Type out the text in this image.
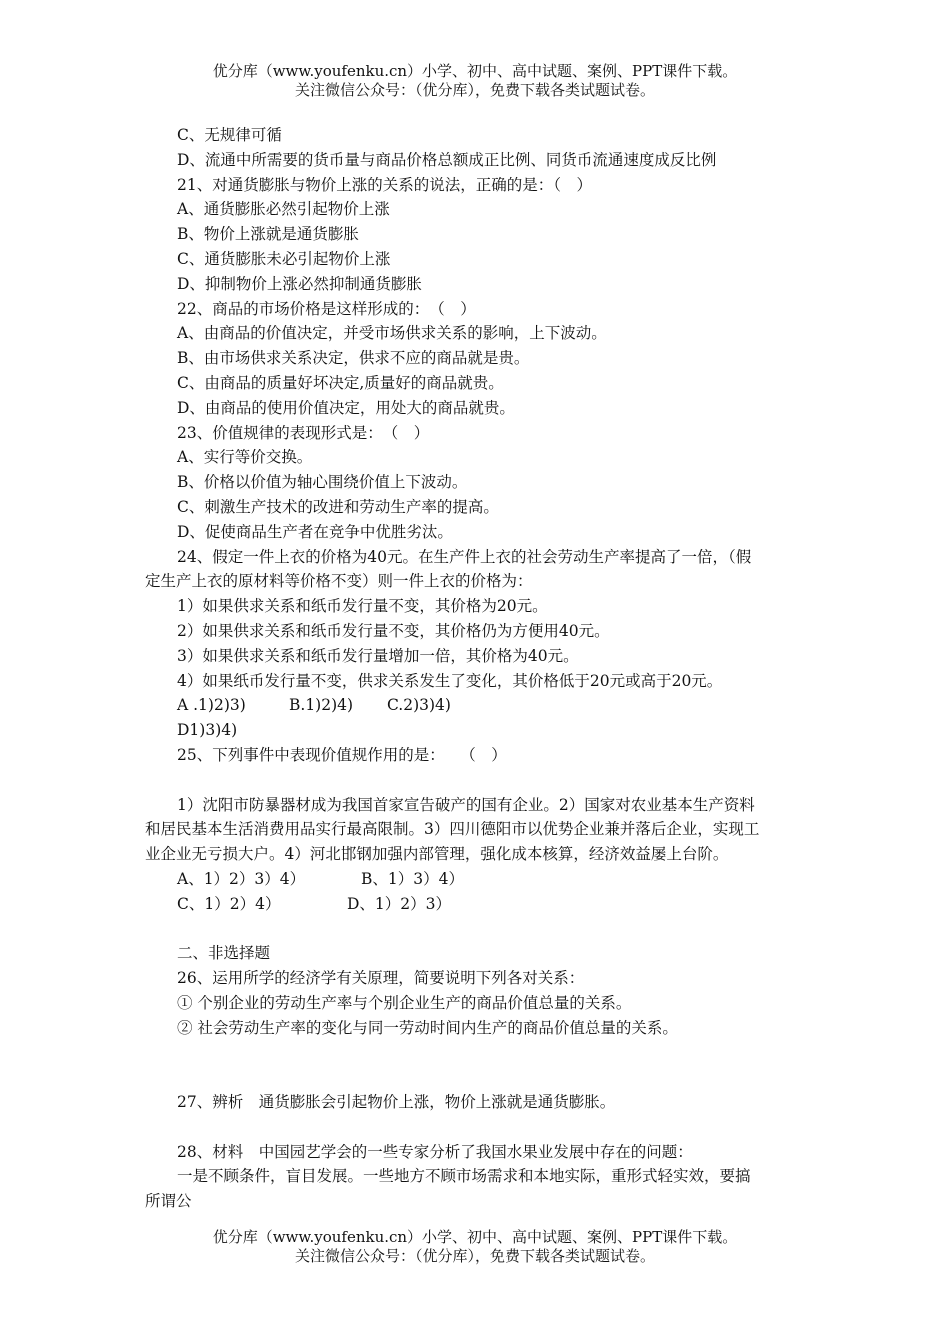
优分库（www.youfenku.cn）小学、初中、高中试题、案例、PPT课件下载。
关注微信公众号：（优分库），免费下载各类试题试卷。
C、无规律可循
D、流通中所需要的货币量与商品价格总额成正比例、同货币流通速度成反比例
21、对通货膨胀与物价上涨的关系的说法，正确的是：（　）
A、通货膨胀必然引起物价上涨
B、物价上涨就是通货膨胀
C、通货膨胀未必引起物价上涨
D、抑制物价上涨必然抑制通货膨胀
22、商品的市场价格是这样形成的：　（　）
A、由商品的价值决定，并受市场供求关系的影响，上下波动。
B、由市场供求关系决定，供求不应的商品就是贵。
C、由商品的质量好坏决定,质量好的商品就贵。
D、由商品的使用价值决定，用处大的商品就贵。
23、价值规律的表现形式是：　（　）
A、实行等价交换。
B、价格以价值为轴心围绕价值上下波动。
C、刺激生产技术的改进和劳动生产率的提高。
D、促使商品生产者在竞争中优胜劣汰。
24、假定一件上衣的价格为40元。在生产件上衣的社会劳动生产率提高了一倍，（假
定生产上衣的原材料等价格不变）则一件上衣的价格为：
1）如果供求关系和纸币发行量不变，其价格为20元。
2）如果供求关系和纸币发行量不变，其价格仍为方便用40元。
3）如果供求关系和纸币发行量增加一倍，其价格为40元。
4）如果纸币发行量不变，供求关系发生了变化，其价格低于20元或高于20元。
A .1)2)3)	B.1)2)4) C.2)3)4)
D1)3)4)
25、下列事件中表现价值规作用的是：　　（　）
1）沈阳市防暴器材成为我国首家宣告破产的国有企业。2）国家对农业基本生产资料
和居民基本生活消费用品实行最高限制。3）四川德阳市以优势企业兼并落后企业，实现工
业企业无亏损大户。4）河北邯钢加强内部管理，强化成本核算，经济效益屡上台阶。
A、1）2）3）4）	B、1）3）4）
C、1）2）4）	D、1）2）3）
二、非选择题
26、运用所学的经济学有关原理，简要说明下列各对关系：
① 个别企业的劳动生产率与个别企业生产的商品价值总量的关系。
② 社会劳动生产率的变化与同一劳动时间内生产的商品价值总量的关系。
27、辨析　通货膨胀会引起物价上涨，物价上涨就是通货膨胀。
28、材料　中国园艺学会的一些专家分析了我国水果业发展中存在的问题：
一是不顾条件，盲目发展。一些地方不顾市场需求和本地实际，重形式轻实效，要搞
所谓公
优分库（www.youfenku.cn）小学、初中、高中试题、案例、PPT课件下载。
关注微信公众号：（优分库），免费下载各类试题试卷。
